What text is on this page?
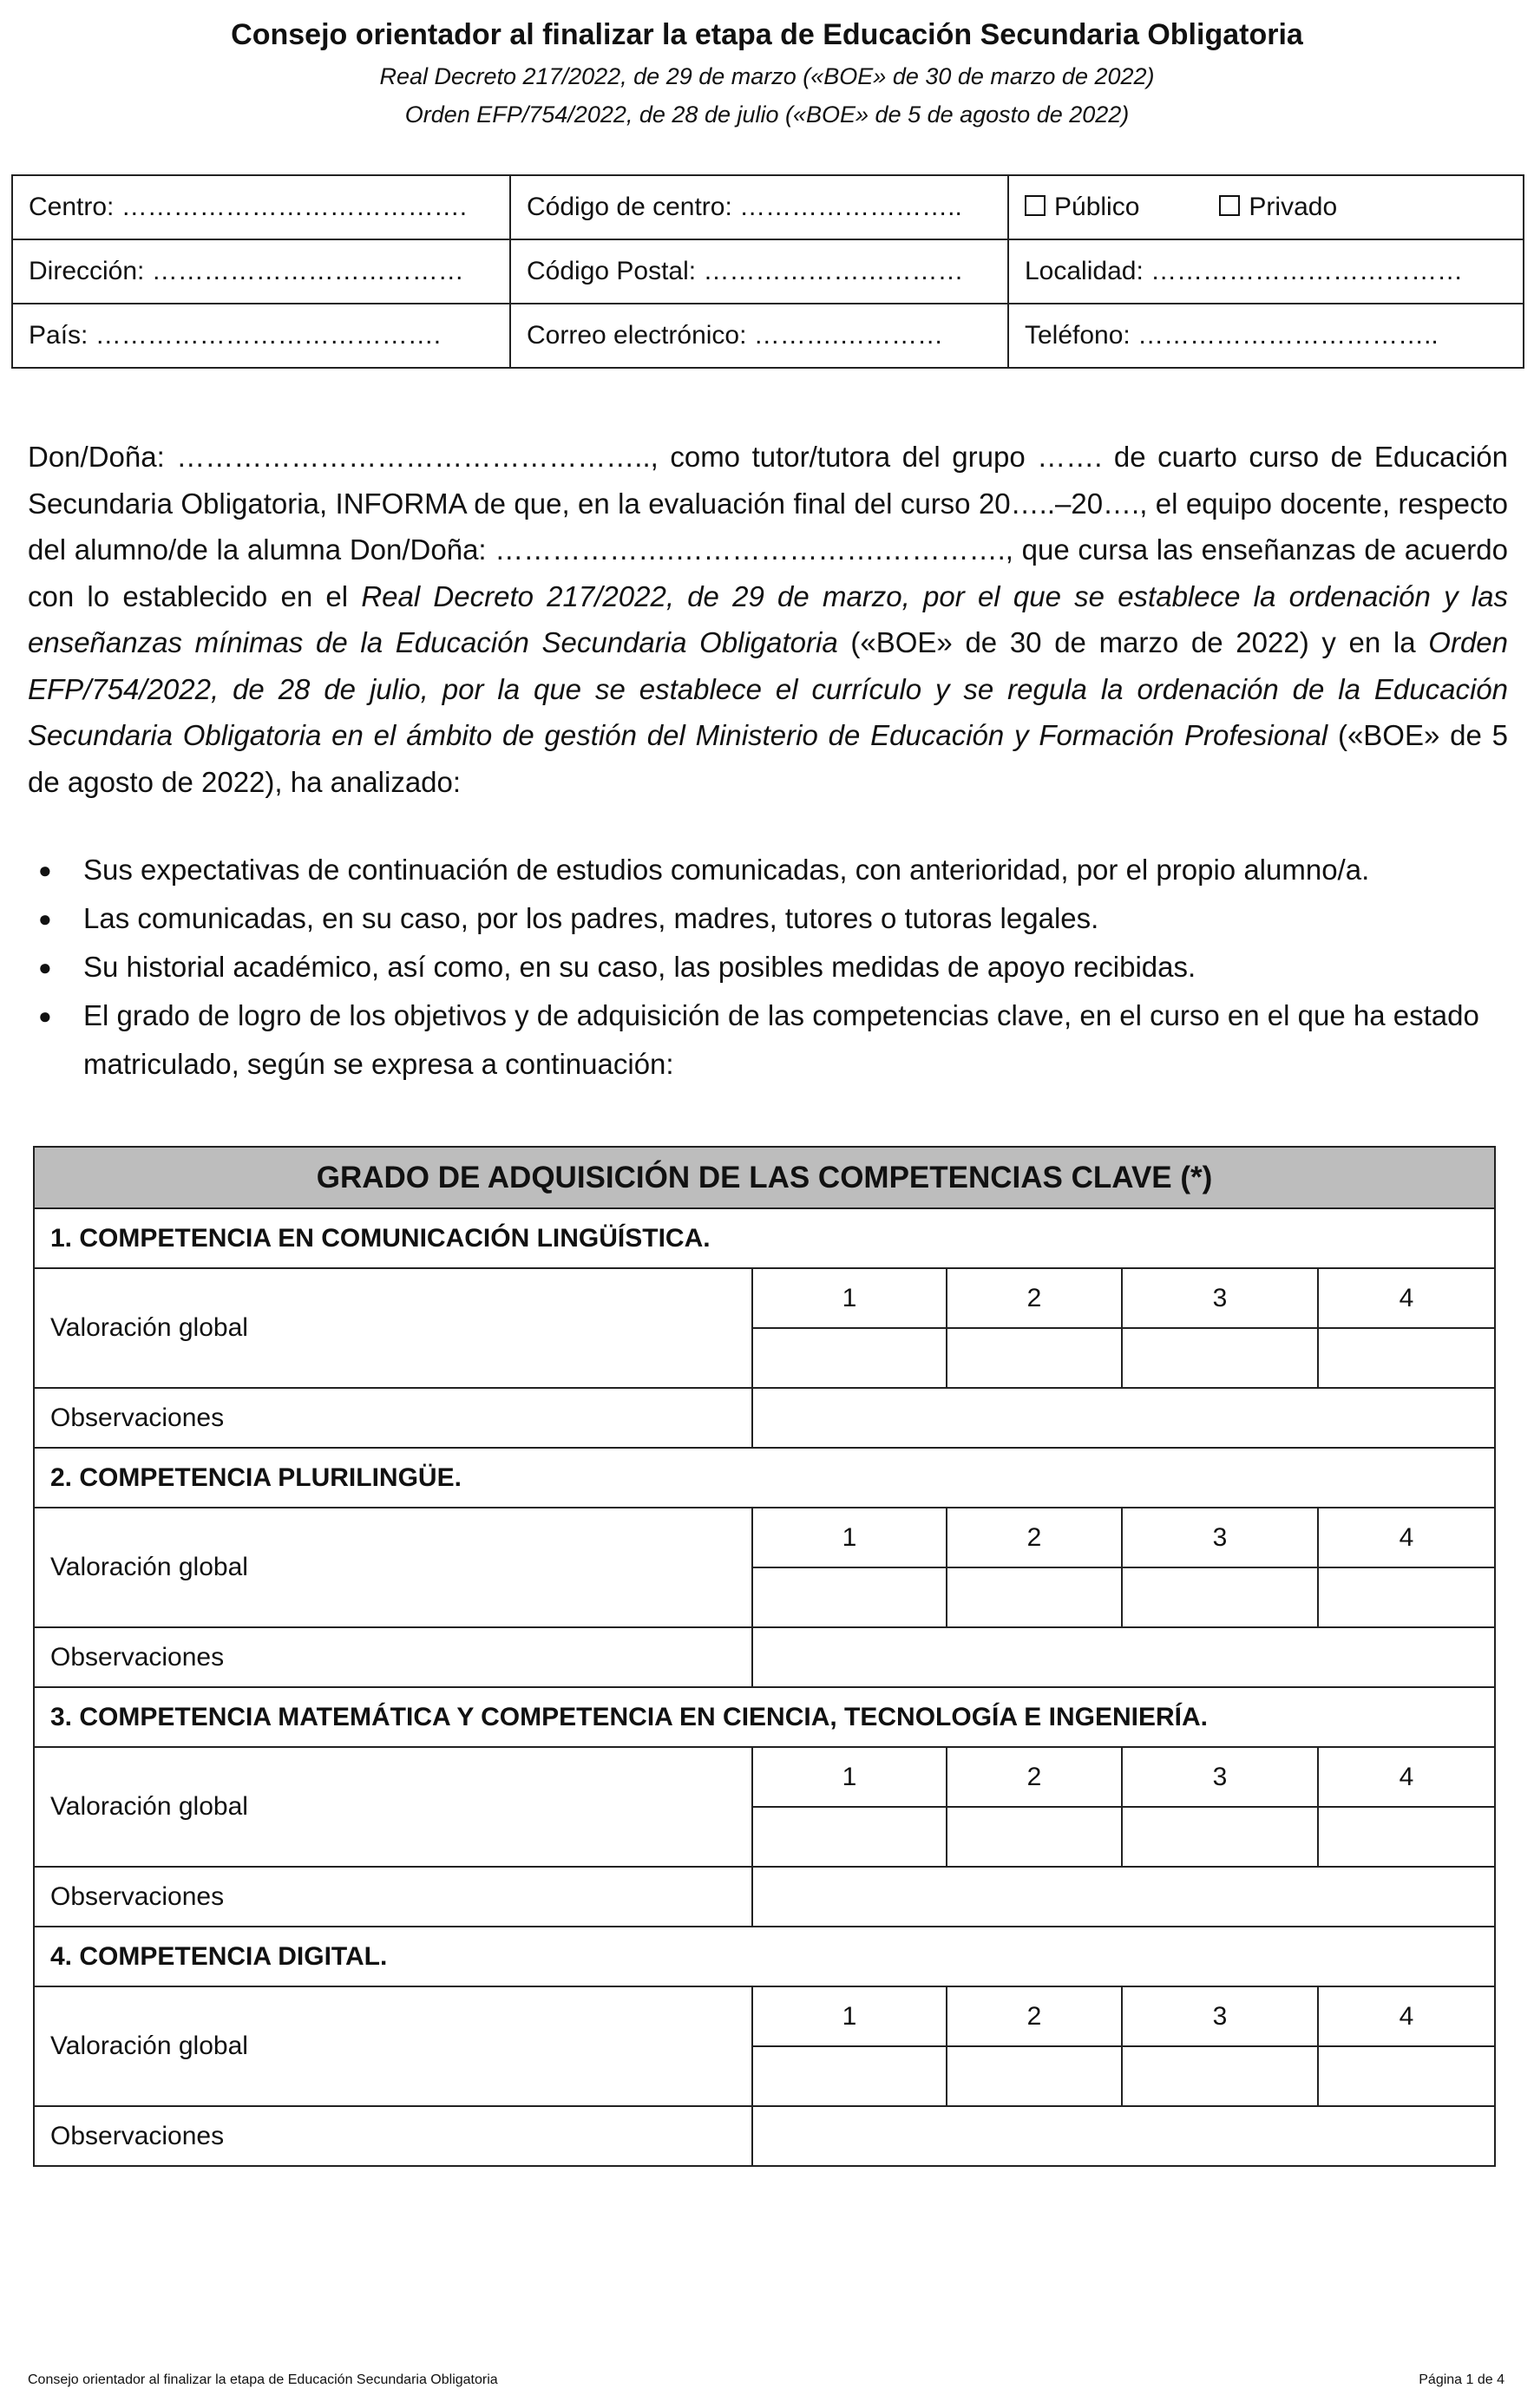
Consejo orientador al finalizar la etapa de Educación Secundaria Obligatoria
Real Decreto 217/2022, de 29 de marzo («BOE» de 30 de marzo de 2022)
Orden EFP/754/2022, de 28 de julio («BOE» de 5 de agosto de 2022)
Centro: ………………………………….	Código de centro: ……………………..	Público Privado
Dirección: ………………………………	Código Postal: …………………………	Localidad: ………………………………
País: ………………………………….	Correo electrónico: ……….…………	Teléfono: ……………………………..

Don/Doña: ………………………………………….., como tutor/tutora del grupo ……. de cuarto curso de Educación Secundaria Obligatoria, INFORMA de que, en la evaluación final del curso 20…..–20…., el equipo docente, respecto del alumno/de la alumna Don/Doña: ……………….………………….…………., que cursa las enseñanzas de acuerdo con lo establecido en el Real Decreto 217/2022, de 29 de marzo, por el que se establece la ordenación y las enseñanzas mínimas de la Educación Secundaria Obligatoria («BOE» de 30 de marzo de 2022) y en la Orden EFP/754/2022, de 28 de julio, por la que se establece el currículo y se regula la ordenación de la Educación Secundaria Obligatoria en el ámbito de gestión del Ministerio de Educación y Formación Profesional («BOE» de 5 de agosto de 2022), ha analizado:

● Sus expectativas de continuación de estudios comunicadas, con anterioridad, por el propio alumno/a.
● Las comunicadas, en su caso, por los padres, madres, tutores o tutoras legales.
● Su historial académico, así como, en su caso, las posibles medidas de apoyo recibidas.
● El grado de logro de los objetivos y de adquisición de las competencias clave, en el curso en el que ha estado matriculado, según se expresa a continuación:
GRADO DE ADQUISICIÓN DE LAS COMPETENCIAS CLAVE (*)				
1. COMPETENCIA EN COMUNICACIÓN LINGÜÍSTICA.				
Valoración global	1	2	3	4

Observaciones				
2. COMPETENCIA PLURILINGÜE.				
Valoración global	1	2	3	4

Observaciones				
3. COMPETENCIA MATEMÁTICA Y COMPETENCIA EN CIENCIA, TECNOLOGÍA E INGENIERÍA.				
Valoración global	1	2	3	4

Observaciones				
4. COMPETENCIA DIGITAL.				
Valoración global	1	2	3	4

Observaciones				
Consejo orientador al finalizar la etapa de Educación Secundaria Obligatoria	Página 1 de 4
